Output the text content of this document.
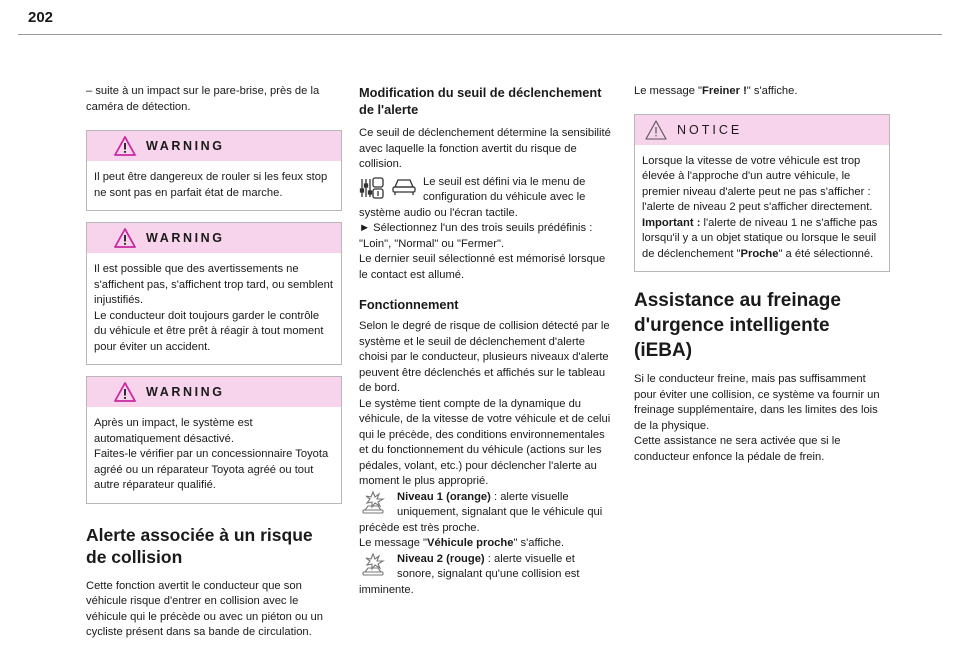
202

– suite à un impact sur le pare-brise, près de la caméra de détection.

WARNING

Il peut être dangereux de rouler si les feux stop ne sont pas en parfait état de marche.

WARNING

Il est possible que des avertissements ne s'affichent pas, s'affichent trop tard, ou semblent injustifiés.

Le conducteur doit toujours garder le contrôle du véhicule et être prêt à réagir à tout moment pour éviter un accident.

WARNING

Après un impact, le système est automatiquement désactivé.

Faites-le vérifier par un concessionnaire Toyota agréé ou un réparateur Toyota agréé ou tout autre réparateur qualifié.

Alerte associée à un risque
de collision

Cette fonction avertit le conducteur que son véhicule risque d'entrer en collision avec le véhicule qui le précède ou avec un piéton ou un cycliste présent dans sa bande de circulation.

Modification du seuil de déclenchement de l'alerte

Ce seuil de déclenchement détermine la sensibilité avec laquelle la fonction avertit du risque de collision.

Le seuil est défini via le menu de configuration du véhicule avec le système audio ou l'écran tactile.

► Sélectionnez l'un des trois seuils prédéfinis : "Loin", "Normal" ou "Fermer".

Le dernier seuil sélectionné est mémorisé lorsque le contact est allumé.

Fonctionnement

Selon le degré de risque de collision détecté par le système et le seuil de déclenchement d'alerte choisi par le conducteur, plusieurs niveaux d'alerte peuvent être déclenchés et affichés sur le tableau de bord.

Le système tient compte de la dynamique du véhicule, de la vitesse de votre véhicule et de celui qui le précède, des conditions environnementales et du fonctionnement du véhicule (actions sur les pédales, volant, etc.) pour déclencher l'alerte au moment le plus approprié.

Niveau 1 (orange) : alerte visuelle uniquement, signalant que le véhicule qui précède est très proche.

Le message "Véhicule proche" s'affiche.

Niveau 2 (rouge) : alerte visuelle et sonore, signalant qu'une collision est imminente.

Le message "Freiner !" s'affiche.

NOTICE

Lorsque la vitesse de votre véhicule est trop élevée à l'approche d'un autre véhicule, le premier niveau d'alerte peut ne pas s'afficher : l'alerte de niveau 2 peut s'afficher directement.

Important : l'alerte de niveau 1 ne s'affiche pas lorsqu'il y a un objet statique ou lorsque le seuil de déclenchement "Proche" a été sélectionné.

Assistance au freinage
d'urgence intelligente
(iEBA)

Si le conducteur freine, mais pas suffisamment pour éviter une collision, ce système va fournir un freinage supplémentaire, dans les limites des lois de la physique.

Cette assistance ne sera activée que si le conducteur enfonce la pédale de frein.
